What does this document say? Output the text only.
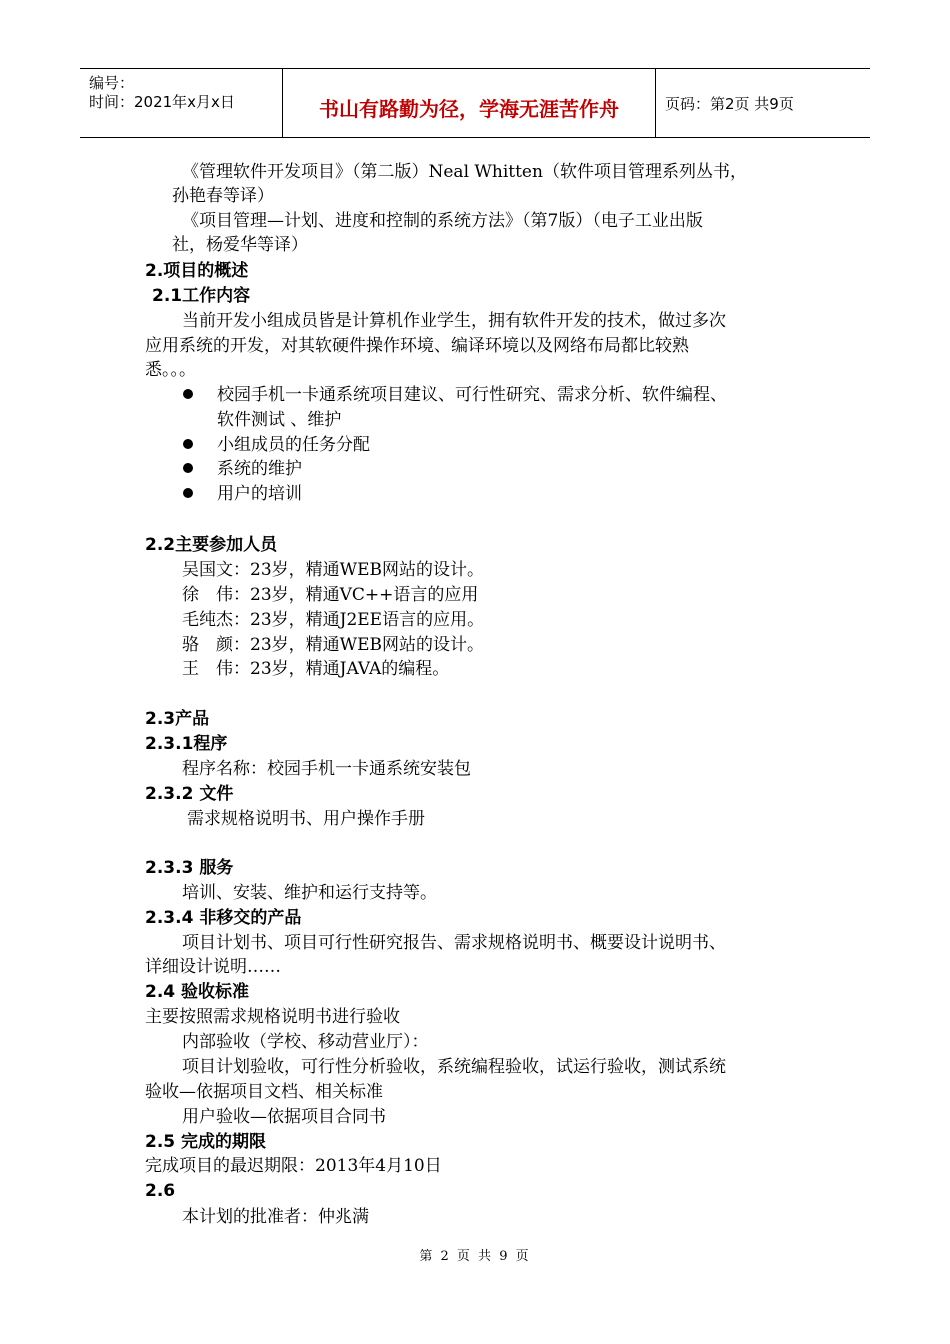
编号：
时间：2021年x月x日	书山有路勤为径，学海无涯苦作舟	页码：第2页 共9页
《管理软件开发项目》（第二版）Neal Whitten（软件项目管理系列丛书，
孙艳春等译）
《项目管理—计划、进度和控制的系统方法》（第7版）（电子工业出版
社，杨爱华等译）
2.项目的概述
2.1工作内容
当前开发小组成员皆是计算机作业学生，拥有软件开发的技术，做过多次
应用系统的开发，对其软硬件操作环境、编译环境以及网络布局都比较熟
悉。。。
校园手机一卡通系统项目建议、可行性研究、需求分析、软件编程、
软件测试 、维护
小组成员的任务分配
系统的维护
用户的培训
2.2主要参加人员
吴国文：23岁，精通WEB网站的设计。
徐　伟：23岁，精通VC++语言的应用
毛纯杰：23岁，精通J2EE语言的应用。
骆　颜：23岁，精通WEB网站的设计。
王　伟：23岁，精通JAVA的编程。
2.3产品
2.3.1程序
程序名称：校园手机一卡通系统安装包
2.3.2 文件
需求规格说明书、用户操作手册
2.3.3 服务
培训、安装、维护和运行支持等。
2.3.4 非移交的产品
项目计划书、项目可行性研究报告、需求规格说明书、概要设计说明书、
详细设计说明……
2.4 验收标准
主要按照需求规格说明书进行验收
内部验收（学校、移动营业厅）：
项目计划验收，可行性分析验收，系统编程验收，试运行验收，测试系统
验收—依据项目文档、相关标准
用户验收—依据项目合同书
2.5 完成的期限
完成项目的最迟期限：2013年4月10日
2.6
本计划的批准者：仲兆满
第 2 页 共 9 页
